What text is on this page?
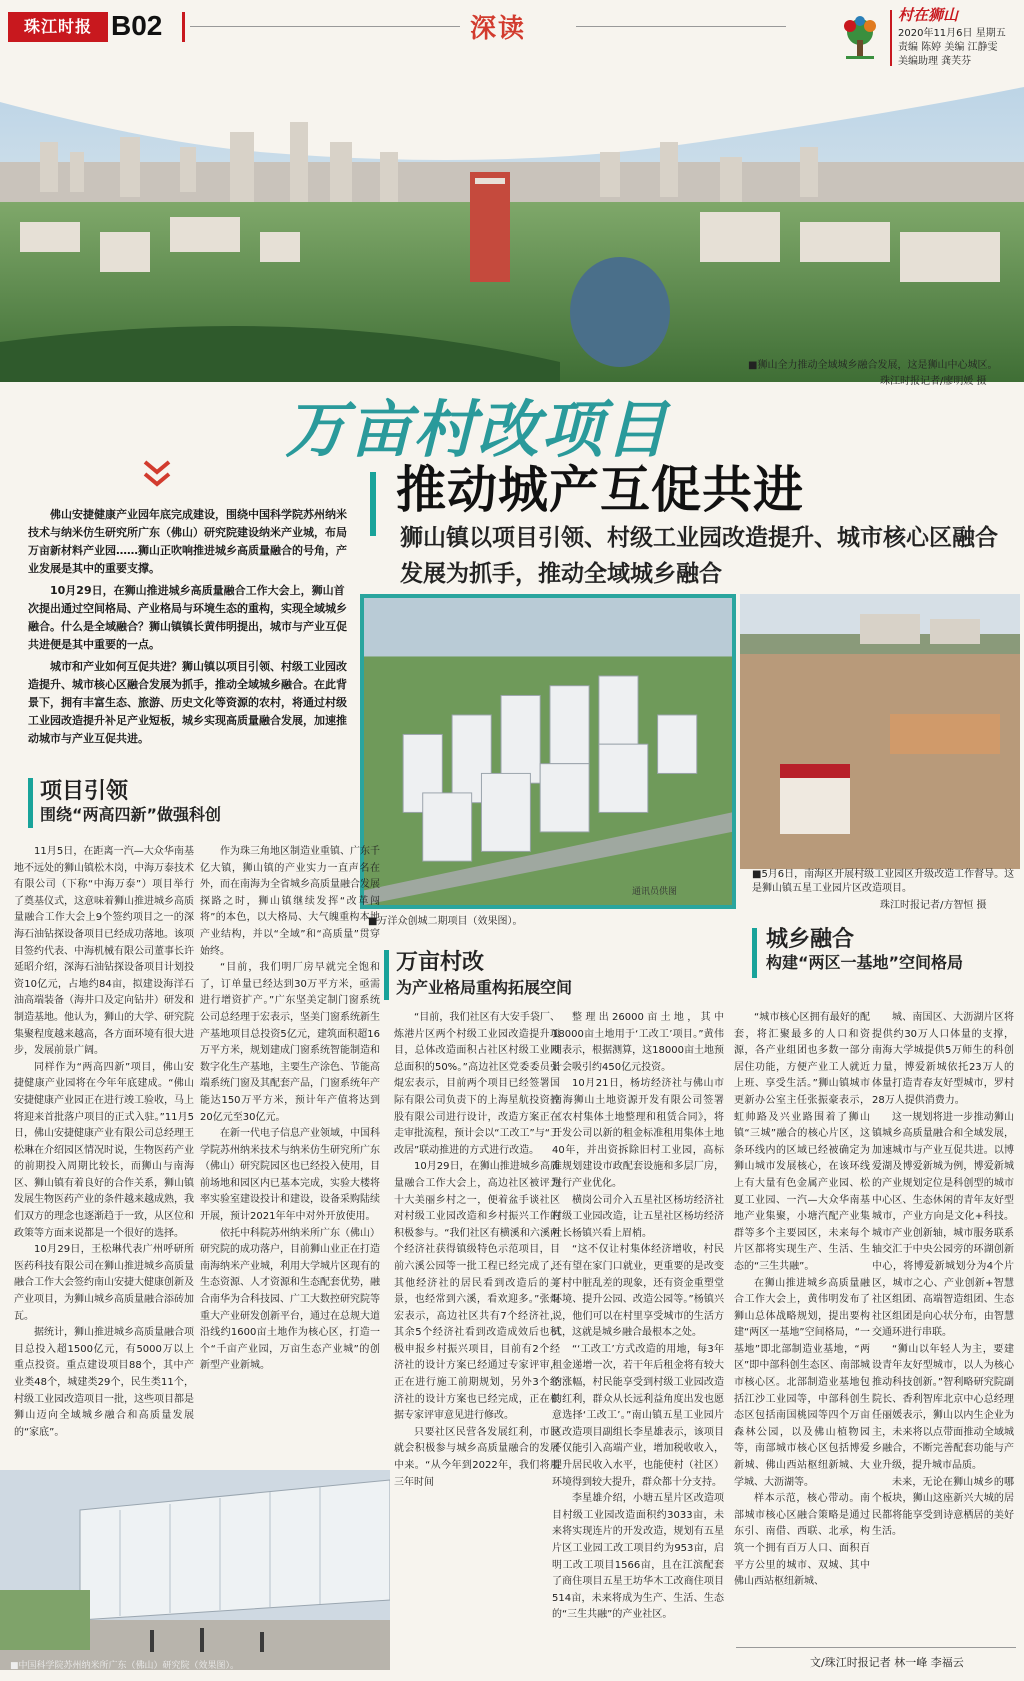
珠江时报 B02	深读	村在狮山
2020年11月6日 星期五
责编 陈婷 美编 江静雯
美编助理 龚芙芬
■狮山全力推动全域城乡融合发展，这是狮山中心城区。
珠江时报记者/廖明媛 摄
万亩村改项目
推动城产互促共进
狮山镇以项目引领、村级工业园改造提升、城市核心区融合发展为抓手，推动全域城乡融合

佛山安捷健康产业园年底完成建设，围绕中国科学院苏州纳米技术与纳米仿生研究所广东（佛山）研究院建设纳米产业城，布局万亩新材料产业园……狮山正吹响推进城乡高质量融合的号角，产业发展是其中的重要支撑。

10月29日，在狮山推进城乡高质量融合工作大会上，狮山首次提出通过空间格局、产业格局与环境生态的重构，实现全域城乡融合。什么是全域融合？狮山镇镇长黄伟明提出，城市与产业互促共进便是其中重要的一点。

城市和产业如何互促共进？狮山镇以项目引领、村级工业园改造提升、城市核心区融合发展为抓手，推动全域城乡融合。在此背景下，拥有丰富生态、旅游、历史文化等资源的农村，将通过村级工业园改造提升补足产业短板，城乡实现高质量融合发展，加速推动城市与产业互促共进。

■万洋众创城二期项目（效果图）。
通讯员供图
■5月6日，南海区开展村级工业园区升级改造工作督导。这是狮山镇五星工业园片区改造项目。
珠江时报记者/方智恒 摄
项目引领
围绕“两高四新”做强科创

11月5日，在距离一汽—大众华南基地不远处的狮山镇松木岗，中海万泰技术有限公司（下称“中海万泰”）项目举行了奠基仪式，这意味着狮山推进城乡高质量融合工作大会上9个签约项目之一的深海石油钻探设备项目已经成功落地。该项目签约代表、中海机械有限公司董事长许延昭介绍，深海石油钻探设备项目计划投资10亿元，占地约84亩，拟建设海洋石油高端装备（海井口及定向钻井）研发和制造基地。他认为，狮山的大学、研究院集聚程度越来越高，各方面环境有很大进步，发展前景广阔。

同样作为“两高四新”项目，佛山安捷健康产业园将在今年年底建成。“佛山安捷健康产业园正在进行竣工验收，马上将迎来首批落户项目的正式入驻。”11月5日，佛山安捷健康产业有限公司总经理王松琳在介绍园区情况时说，生物医药产业的前期投入周期比较长，而狮山与南海区、狮山镇有着良好的合作关系，狮山镇发展生物医药产业的条件越来越成熟，我们双方的理念也逐渐趋于一致，从区位和政策等方面来说都是一个很好的选择。

10月29日，王松琳代表广州呼研所医药科技有限公司在狮山推进城乡高质量融合工作大会签约南山安捷大健康创新及产业项目，为狮山城乡高质量融合添砖加瓦。

据统计，狮山推进城乡高质量融合项目总投入超1500亿元，有5000万以上重点投资。重点建设项目88个，其中产业类48个，城建类29个，民生类11个，村级工业园改造项目一批，这些项目都是狮山迈向全域城乡融合和高质量发展的“家底”。

作为珠三角地区制造业重镇、广东千亿大镇，狮山镇的产业实力一直声名在外，而在南海为全省城乡高质量融合发展探路之时，狮山镇继续发挥“改革闯将”的本色，以大格局、大气魄重构本地产业结构，并以“全域”和“高质量”贯穿始终。

“目前，我们明厂房早就完全饱和了，订单量已经达到30万平方米，亟需进行增资扩产。”广东坚美定制门窗系统公司总经理于宏表示，坚美门窗系统新生产基地项目总投资5亿元，建筑面积超16万平方米，规划建成门窗系统智能制造和数字化生产基地，主要生产涂色、节能高端系统门窗及其配套产品，门窗系统年产能达150万平方米，预计年产值将达到20亿元至30亿元。

在新一代电子信息产业领域，中国科学院苏州纳米技术与纳米仿生研究所广东（佛山）研究院园区也已经投入使用，目前场地和园区内已基本完成，实验大楼将率实验室建设投计和建设，设备采购陆续开展，预计2021年年中对外开放使用。

依托中科院苏州纳米所广东（佛山）研究院的成功落户，目前狮山业正在打造南海纳米产业城，利用大学城片区现有的生态资源、人才资源和生态配套优势，融合南华为合科技园、广工大数控研究院等重大产业研发创新平台，通过在总规大道沿线约1600亩土地作为核心区，打造一个“千亩产业园，万亩生态产业城”的创新型产业新城。

万亩村改
为产业格局重构拓展空间

“目前，我们社区有大安手袋厂、炼港片区两个村级工业园改造提升项目，总体改造面积占社区村级工业园总面积的50%。”高边社区党委委员张焜宏表示，目前两个项目已经签署国际有限公司负责下的上海星航投资控股有限公司进行设计，改造方案正在走审批流程，预计会以“工改工”与“工改居”联动推进的方式进行改造。

10月29日，在狮山推进城乡高质量融合工作大会上，高边社区被评为十大美丽乡村之一，便着盆手谈社区对村级工业园改造和乡村振兴工作的积极参与。“我们社区有横溪和六溪两个经济社获得镇级特色示范项目，目前六溪公园等一批工程已经完成了，其他经济社的居民看到改造后的美景，也经常到六溪，看欢迎多。”张焜宏表示，高边社区共有7个经济社，其余5个经济社看到改造成效后也积极申报乡村振兴项目，目前有2个经济社的设计方案已经通过专家评审，正在进行施工前期规划，另外3个经济社的设计方案也已经完成，正在根据专家评审意见进行修改。

只要社区民营各发展红利，市民就会积极参与城乡高质量融合的发展中来。“从今年到2022年，我们将用三年时间

整理出26000亩土地，其中18000亩土地用于‘工改工’项目。”黄伟明表示，根据测算，这18000亩土地预计会吸引约450亿元投资。

10月21日，杨坊经济社与佛山市南海狮山土地资源开发有限公司签署《农村集体土地整理和租赁合同》，将开发公司以新的租金标准租用集体土地40年，并出资拆除旧村工业园，高标准规划建设市政配套设施和多层厂房，进行产业优化。

横岗公司介入五星社区杨坊经济社村级工业园改造，让五星社区杨坊经济社长杨镇兴看上眉梢。

“这不仅让村集体经济增收，村民还有望在家门口就业，更重要的是改变了村中脏乱差的现象，还有资金重塑堂环境、提升公园、改造公园等。”杨镇兴说，他们可以在村里享受城市的生活方式，这就是城乡融合最根本之处。

“‘工改工’方式改造的用地，每3年租金递增一次，若干年后租金将有较大的涨幅，村民能享受到村级工业园改造的红利，群众从长远利益角度出发也愿意选择‘工改工’。”南山镇五星工业园片区改造项目副组长李星雄表示，该项目不仅能引入高端产业，增加税收收入，提升居民收入水平，也能使村（社区）环境得到较大提升，群众都十分支持。

李星雄介绍，小塘五星片区改造项目村级工业园改造面积约3033亩，未来将实现连片的开发改造，规划有五星片区工业园工改工项目约为953亩，启明工改工项目1566亩，且在江滨配套了商住项目五星王坊华木工改商住项目514亩，未来将成为生产、生活、生态的“三生共融”的产业社区。

城乡融合
构建“两区一基地”空间格局

“城市核心区拥有最好的配套，将汇聚最多的人口和资源，各产业组团也多数一部分居住功能，方便产业工人就近上班、享受生活。”狮山镇城市更新办公室主任张振豪表示，虹帅路及兴业路围着了狮山镇“三城”融合的核心片区，这条环线内的区域已经被确定为狮山城市发展核心，在该环线上有大量有色金属产业园、松夏工业园、一汽—大众华南基地产业集聚，小塘汽配产业集群等多个主要园区，未来每个片区都将实现生产、生活、生态的“三生共融”。

在狮山推进城乡高质量融合工作大会上，黄伟明发布了狮山总体战略规划，提出要构建“两区一基地”空间格局，“一基地”即北部制造业基地，“两区”即中部科创生态区、南部城市核心区。北部制造业基地包括江沙工业园等，中部科创生态区包括南国桃园等四个万亩森林公园，以及佛山植物园等，南部城市核心区包括博爱新城、佛山西站枢纽新城、大学城、大沥湖等。

样本示范，核心带动。南部城市核心区融合策略是通过东引、南借、西联、北承，构筑一个拥有百万人口、面积百平方公里的城市、双城、其中佛山西站枢纽新城、

城、南国区、大沥湖片区将提供约30万人口体量的支撑，南海大学城提供5万师生的科创力量，博爱新城依托23万人的体量打造青春友好型城市，罗村28万人提供消费力。

这一规划将进一步推动狮山镇城乡高质量融合和全域发展，加速城市与产业互促共进。以博爱湖及博爱新城为例，博爱新城的产业规划定位是科创型的城市中心区、生态休闲的青年友好型城市，产业方向是文化+科技。城市产业创新轴，城市服务联系轴交汇于中央公园旁的环湖创新中心，将博爱新城划分为4个片区，城市之心、产业创新+智慧社区组团、高端智造组团、生态社区组团是向心状分布，由智慧交通环进行串联。

“狮山以年轻人为主，要建设青年友好型城市，以人为核心推动科技创新。”智利略研究院副院长、香利智库北京中心总经理任丽媛表示，狮山以内生企业为主，未来将以点带面推动全域城乡融合，不断完善配套功能与产业升级，提升城市品质。

未来，无论在狮山城乡的哪个板块，狮山这座新兴大城的居民都将能享受到诗意栖居的美好生活。

■中国科学院苏州纳米所广东（佛山）研究院（效果图）。	文/珠江时报记者 林一峰 李福云
